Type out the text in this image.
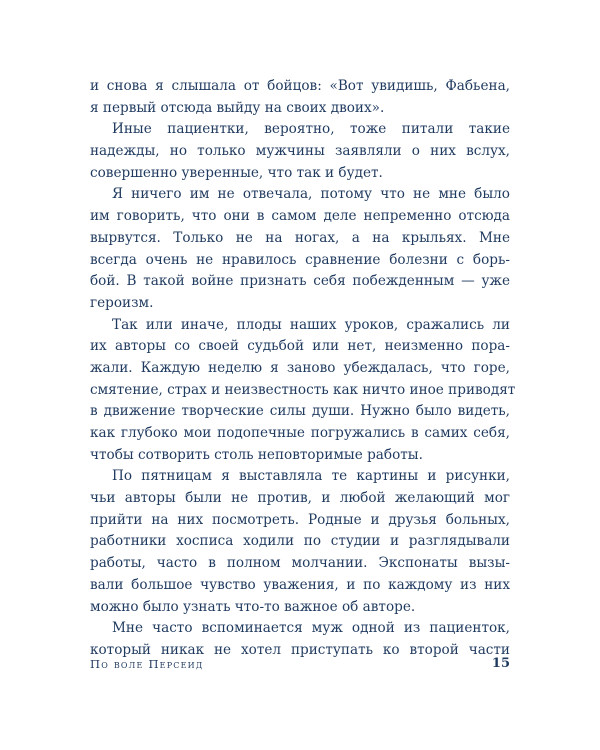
и снова я слышала от бойцов: «Вот увидишь, Фабьена,
я первый отсюда выйду на своих двоих».
Иные пациентки, вероятно, тоже питали такие
надежды, но только мужчины заявляли о них вслух,
совершенно уверенные, что так и будет.
Я ничего им не отвечала, потому что не мне было
им говорить, что они в самом деле непременно отсюда
вырвутся. Только не на ногах, а на крыльях. Мне
всегда очень не нравилось сравнение болезни с борь-
бой. В такой войне признать себя побежденным — уже
героизм.
Так или иначе, плоды наших уроков, сражались ли
их авторы со своей судьбой или нет, неизменно пора-
жали. Каждую неделю я заново убеждалась, что горе,
смятение, страх и неизвестность как ничто иное приводят
в движение творческие силы души. Нужно было видеть,
как глубоко мои подопечные погружались в самих себя,
чтобы сотворить столь неповторимые работы.
По пятницам я выставляла те картины и рисунки,
чьи авторы были не против, и любой желающий мог
прийти на них посмотреть. Родные и друзья больных,
работники хосписа ходили по студии и разглядывали
работы, часто в полном молчании. Экспонаты вызы-
вали большое чувство уважения, и по каждому из них
можно было узнать что-то важное об авторе.
Мне часто вспоминается муж одной из пациенток,
который никак не хотел приступать ко второй части
По воле Персеид	15
